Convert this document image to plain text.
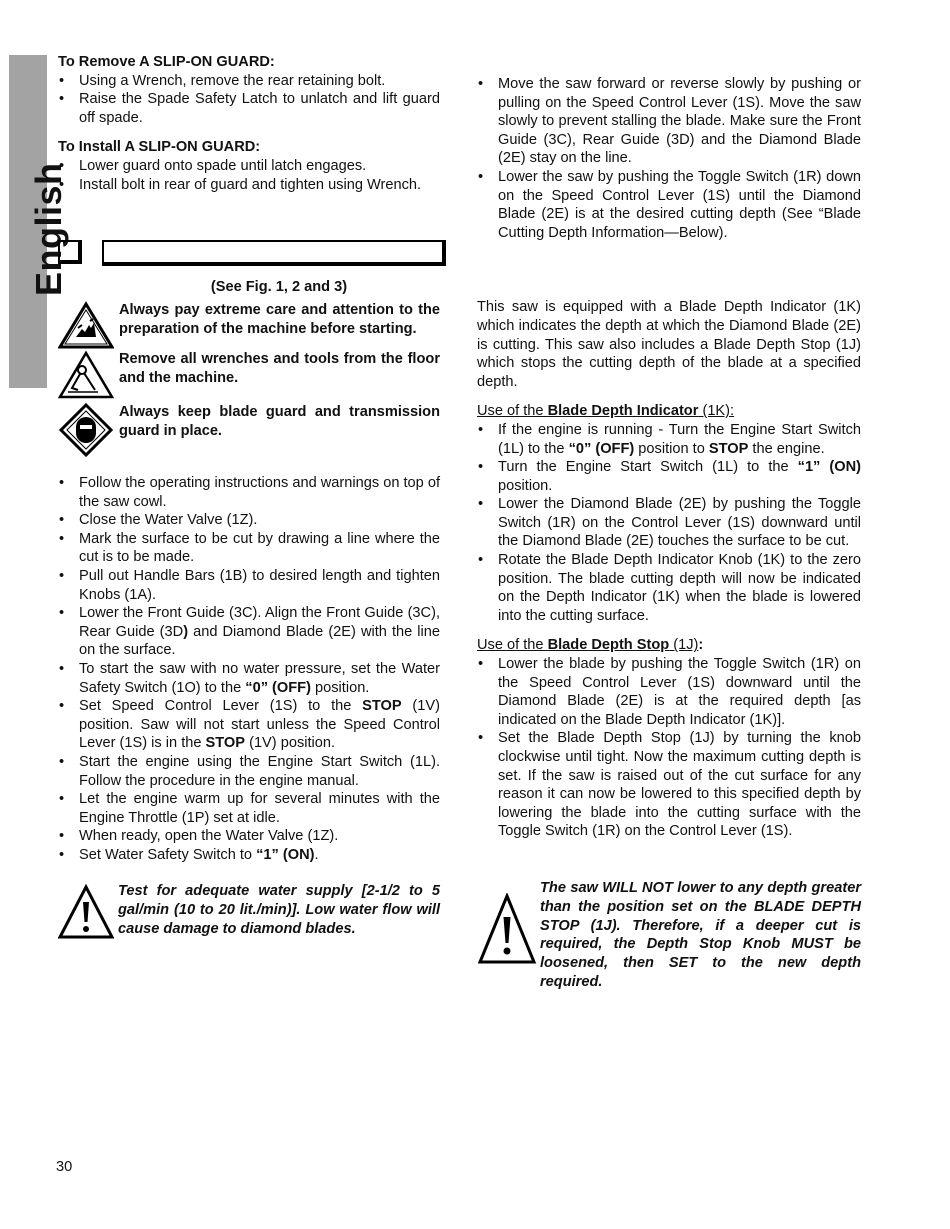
English
To Remove A SLIP-ON GUARD:
• Using a Wrench, remove the rear retaining bolt.
• Raise the Spade Safety Latch to unlatch and lift guard off spade.
To Install A SLIP-ON GUARD:
• Lower guard onto spade until latch engages.
• Install bolt in rear of guard and tighten using Wrench.
(See Fig. 1, 2 and 3)
Always pay extreme care and attention to the preparation of the machine before starting.
Remove all wrenches and tools from the floor and the machine.
Always keep blade guard and transmission guard in place.
• Follow the operating instructions and warnings on top of the saw cowl.
• Close the Water Valve (1Z).
• Mark the surface to be cut by drawing a line where the cut is to be made.
• Pull out Handle Bars (1B) to desired length and tighten Knobs (1A).
• Lower the Front Guide (3C). Align the Front Guide (3C), Rear Guide (3D) and Diamond Blade (2E) with the line on the surface.
• To start the saw with no water pressure, set the Water Safety Switch (1O) to the “0” (OFF) position.
• Set Speed Control Lever (1S) to the STOP (1V) position. Saw will not start unless the Speed Control Lever (1S) is in the STOP (1V) position.
• Start the engine using the Engine Start Switch (1L). Follow the procedure in the engine manual.
• Let the engine warm up for several minutes with the Engine Throttle (1P) set at idle.
• When ready, open the Water Valve (1Z).
• Set Water Safety Switch to “1” (ON).
Test for adequate water supply [2-1/2 to 5 gal/min (10 to 20 lit./min)]. Low water flow will cause damage to diamond blades.
• Move the saw forward or reverse slowly by pushing or pulling on the Speed Control Lever (1S). Move the saw slowly to prevent stalling the blade. Make sure the Front Guide (3C), Rear Guide (3D) and the Diamond Blade (2E) stay on the line.
• Lower the saw by pushing the Toggle Switch (1R) down on the Speed Control Lever (1S) until the Diamond Blade (2E) is at the desired cutting depth (See “Blade Cutting Depth Information—Below).

This saw is equipped with a Blade Depth Indicator (1K) which indicates the depth at which the Diamond Blade (2E) is cutting. This saw also includes a Blade Depth Stop (1J) which stops the cutting depth of the blade at a specified depth.

Use of the Blade Depth Indicator (1K):
• If the engine is running - Turn the Engine Start Switch (1L) to the “0” (OFF) position to STOP the engine.
• Turn the Engine Start Switch (1L) to the “1” (ON) position.
• Lower the Diamond Blade (2E) by pushing the Toggle Switch (1R) on the Control Lever (1S) downward until the Diamond Blade (2E) touches the surface to be cut.
• Rotate the Blade Depth Indicator Knob (1K) to the zero position. The blade cutting depth will now be indicated on the Depth Indicator (1K) when the blade is lowered into the cutting surface.
Use of the Blade Depth Stop (1J):
• Lower the blade by pushing the Toggle Switch (1R) on the Speed Control Lever (1S) downward until the Diamond Blade (2E) is at the required depth [as indicated on the Blade Depth Indicator (1K)].
• Set the Blade Depth Stop (1J) by turning the knob clockwise until tight. Now the maximum cutting depth is set. If the saw is raised out of the cut surface for any reason it can now be lowered to this specified depth by lowering the blade into the cutting surface with the Toggle Switch (1R) on the Control Lever (1S).
The saw WILL NOT lower to any depth greater than the position set on the BLADE DEPTH STOP (1J). Therefore, if a deeper cut is required, the Depth Stop Knob MUST be loosened, then SET to the new depth required.
30
